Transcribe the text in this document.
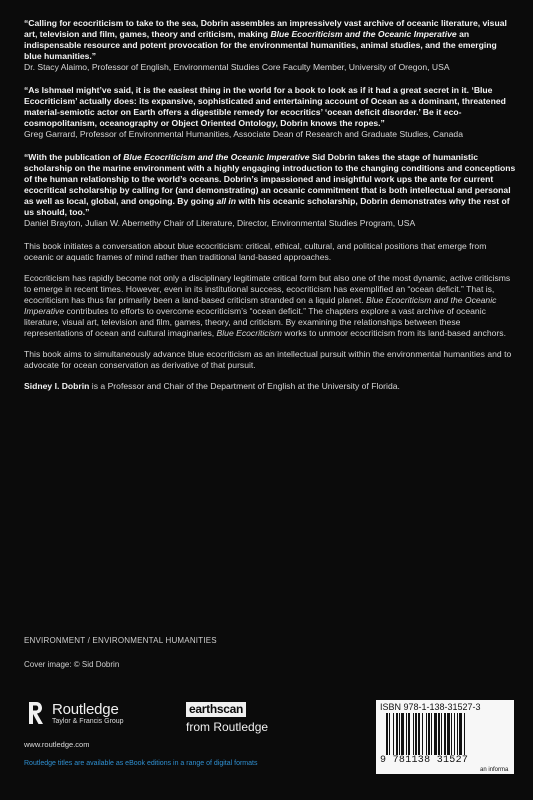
“Calling for ecocriticism to take to the sea, Dobrin assembles an impressively vast archive of oceanic literature, visual art, television and film, games, theory and criticism, making Blue Ecocriticism and the Oceanic Imperative an indispensable resource and potent provocation for the environmental humanities, animal studies, and the emerging blue humanities.”
Dr. Stacy Alaimo, Professor of English, Environmental Studies Core Faculty Member, University of Oregon, USA
“As Ishmael might’ve said, it is the easiest thing in the world for a book to look as if it had a great secret in it. ‘Blue Ecocriticism’ actually does: its expansive, sophisticated and entertaining account of Ocean as a dominant, threatened material-semiotic actor on Earth offers a digestible remedy for ecocritics’ ‘ocean deficit disorder.’ Be it eco-cosmopolitanism, oceanography or Object Oriented Ontology, Dobrin knows the ropes.”
Greg Garrard, Professor of Environmental Humanities, Associate Dean of Research and Graduate Studies, Canada
“With the publication of Blue Ecocriticism and the Oceanic Imperative Sid Dobrin takes the stage of humanistic scholarship on the marine environment with a highly engaging introduction to the changing conditions and conceptions of the human relationship to the world’s oceans. Dobrin’s impassioned and insightful work ups the ante for current ecocritical scholarship by calling for (and demonstrating) an oceanic commitment that is both intellectual and personal as well as local, global, and ongoing. By going all in with his oceanic scholarship, Dobrin demonstrates why the rest of us should, too.”
Daniel Brayton, Julian W. Abernethy Chair of Literature, Director, Environmental Studies Program, USA

This book initiates a conversation about blue ecocriticism: critical, ethical, cultural, and political positions that emerge from oceanic or aquatic frames of mind rather than traditional land-based approaches.

Ecocriticism has rapidly become not only a disciplinary legitimate critical form but also one of the most dynamic, active criticisms to emerge in recent times. However, even in its institutional success, ecocriticism has exemplified an “ocean deficit.” That is, ecocriticism has thus far primarily been a land-based criticism stranded on a liquid planet. Blue Ecocriticism and the Oceanic Imperative contributes to efforts to overcome ecocriticism’s “ocean deficit.” The chapters explore a vast archive of oceanic literature, visual art, television and film, games, theory, and criticism. By examining the relationships between these representations of ocean and cultural imaginaries, Blue Ecocriticism works to unmoor ecocriticism from its land-based anchors.

This book aims to simultaneously advance blue ecocriticism as an intellectual pursuit within the environmental humanities and to advocate for ocean conservation as derivative of that pursuit.

Sidney I. Dobrin is a Professor and Chair of the Department of English at the University of Florida.

ENVIRONMENT / ENVIRONMENTAL HUMANITIES
Cover image: © Sid Dobrin
Routledge
Taylor & Francis Group
www.routledge.com
earthscan
from Routledge
ISBN 978-1-138-31527-3
9 781138 31527
an informa
Routledge titles are available as eBook editions in a range of digital formats
